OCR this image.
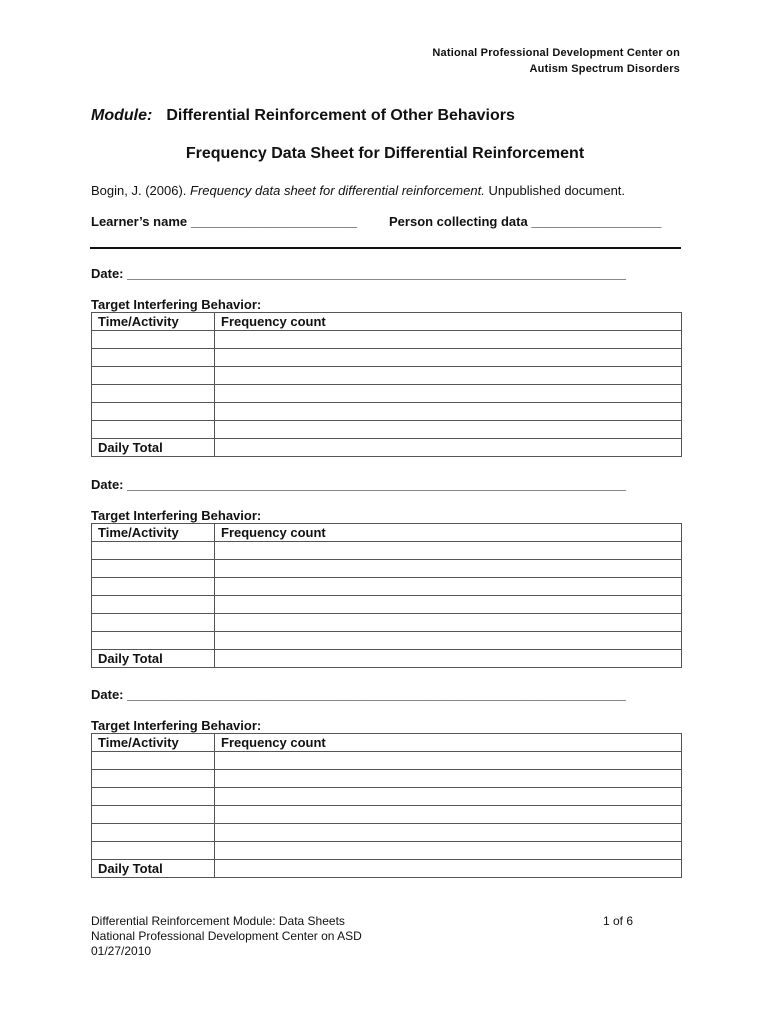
National Professional Development Center on
Autism Spectrum Disorders
Module: Differential Reinforcement of Other Behaviors
Frequency Data Sheet for Differential Reinforcement
Bogin, J. (2006). Frequency data sheet for differential reinforcement. Unpublished document.
Learner’s name _______________________ Person collecting data __________________
Date: _____________________________________________________________________
Target Interfering Behavior:
Time/Activity	Frequency count

Daily Total	
Date: _____________________________________________________________________
Target Interfering Behavior:
Time/Activity	Frequency count

Daily Total	
Date: _____________________________________________________________________
Target Interfering Behavior:
Time/Activity	Frequency count

Daily Total	
Differential Reinforcement Module: Data Sheets
National Professional Development Center on ASD
01/27/2010
1 of 6
